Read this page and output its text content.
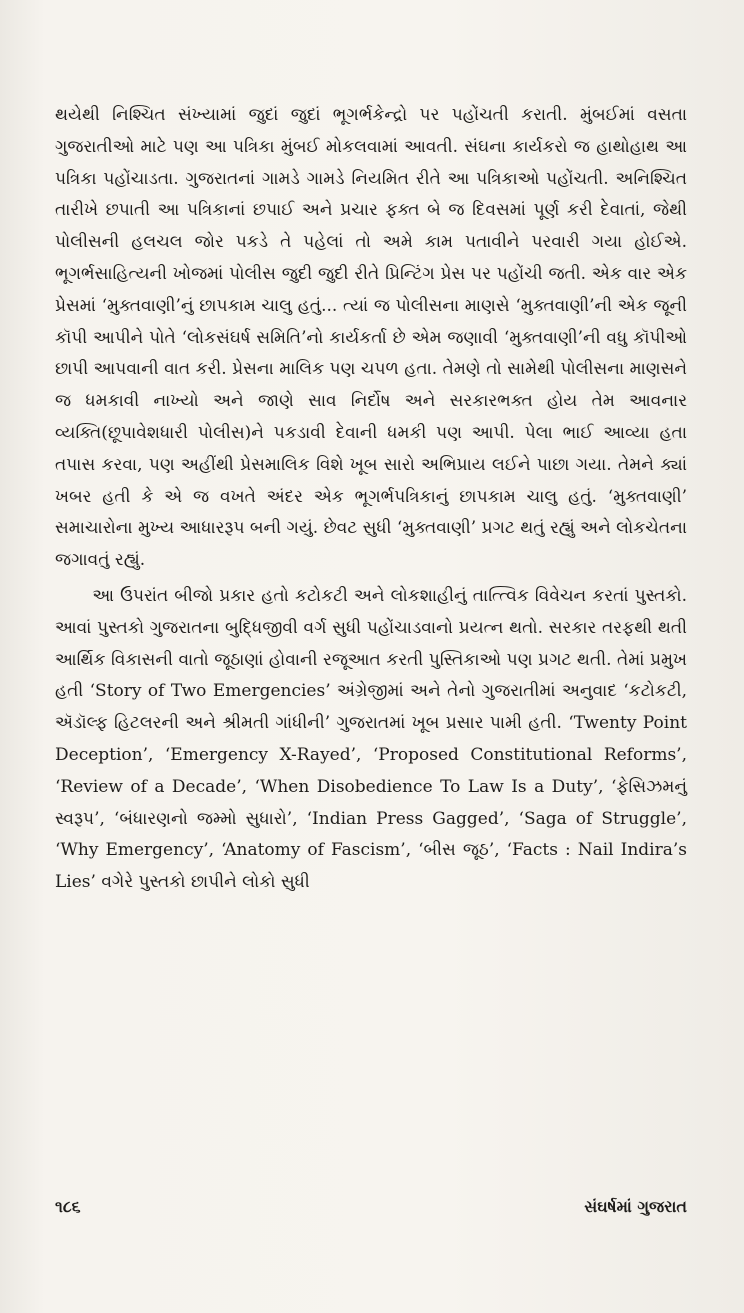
થયેથી નિશ્ચિત સંખ્યામાં જુદાં જુદાં ભૂગર્ભકેન્દ્રો પર પહોંચતી કરાતી. મુંબઈમાં વસતા ગુજરાતીઓ માટે પણ આ પત્રિકા મુંબઈ મોકલવામાં આવતી. સંઘના કાર્યકરો જ હાથોહાથ આ પત્રિકા પહોંચાડતા. ગુજરાતનાં ગામડે ગામડે નિયમિત રીતે આ પત્રિકાઓ પહોંચતી. અનિશ્ચિત તારીખે છપાતી આ પત્રિકાનાં છપાઈ અને પ્રચાર ફક્ત બે જ દિવસમાં પૂર્ણ કરી દેવાતાં, જેથી પોલીસની હલચલ જોર પકડે તે પહેલાં તો અમે કામ પતાવીને પરવારી ગયા હોઈએ. ભૂગર્ભસાહિત્યની ખોજમાં પોલીસ જુદી જુદી રીતે પ્રિન્ટિંગ પ્રેસ પર પહોંચી જતી. એક વાર એક પ્રેસમાં ‘મુક્તવાણી’નું છાપકામ ચાલુ હતું... ત્યાં જ પોલીસના માણસે ‘મુક્તવાણી’ની એક જૂની કૉપી આપીને પોતે ‘લોકસંઘર્ષ સમિતિ’નો કાર્યકર્તા છે એમ જણાવી ‘મુક્તવાણી’ની વધુ કૉપીઓ છાપી આપવાની વાત કરી. પ્રેસના માલિક પણ ચપળ હતા. તેમણે તો સામેથી પોલીસના માણસને જ ધમકાવી નાખ્યો અને જાણે સાવ નિર્દોષ અને સરકારભક્ત હોય તેમ આવનાર વ્યક્તિ(છૂપાવેશધારી પોલીસ)ને પકડાવી દેવાની ધમકી પણ આપી. પેલા ભાઈ આવ્યા હતા તપાસ કરવા, પણ અહીંથી પ્રેસમાલિક વિશે ખૂબ સારો અભિપ્રાય લઈને પાછા ગયા. તેમને ક્યાં ખબર હતી કે એ જ વખતે અંદર એક ભૂગર્ભપત્રિકાનું છાપકામ ચાલુ હતું. ‘મુક્તવાણી’ સમાચારોના મુખ્ય આધારરૂપ બની ગયું. છેવટ સુધી ‘મુક્તવાણી’ પ્રગટ થતું રહ્યું અને લોકચેતના જગાવતું રહ્યું.

આ ઉપરાંત બીજો પ્રકાર હતો કટોકટી અને લોકશાહીનું તાત્ત્વિક વિવેચન કરતાં પુસ્તકો. આવાં પુસ્તકો ગુજરાતના બુદ્ધિજીવી વર્ગ સુધી પહોંચાડવાનો પ્રયત્ન થતો. સરકાર તરફથી થતી આર્થિક વિકાસની વાતો જૂઠાણાં હોવાની રજૂઆત કરતી પુસ્તિકાઓ પણ પ્રગટ થતી. તેમાં પ્રમુખ હતી ‘Story of Two Emergencies’ અંગ્રેજીમાં અને તેનો ગુજરાતીમાં અનુવાદ ‘કટોકટી, ઍડૉલ્ફ હિટલરની અને શ્રીમતી ગાંધીની’ ગુજરાતમાં ખૂબ પ્રસાર પામી હતી. ‘Twenty Point Deception’, ‘Emergency X-Rayed’, ‘Proposed Constitutional Reforms’, ‘Review of a Decade’, ‘When Disobedience To Law Is a Duty’, ‘ફેસિઝમનું સ્વરૂપ’, ‘બંધારણનો જમ્મો સુધારો’, ‘Indian Press Gagged’, ‘Saga of Struggle’, ‘Why Emergency’, ‘Anatomy of Fascism’, ‘બીસ જૂઠ’, ‘Facts : Nail Indira’s Lies’ વગેરે પુસ્તકો છાપીને લોકો સુધી

૧૮૬	સંઘર્ષમાં ગુજરાત
